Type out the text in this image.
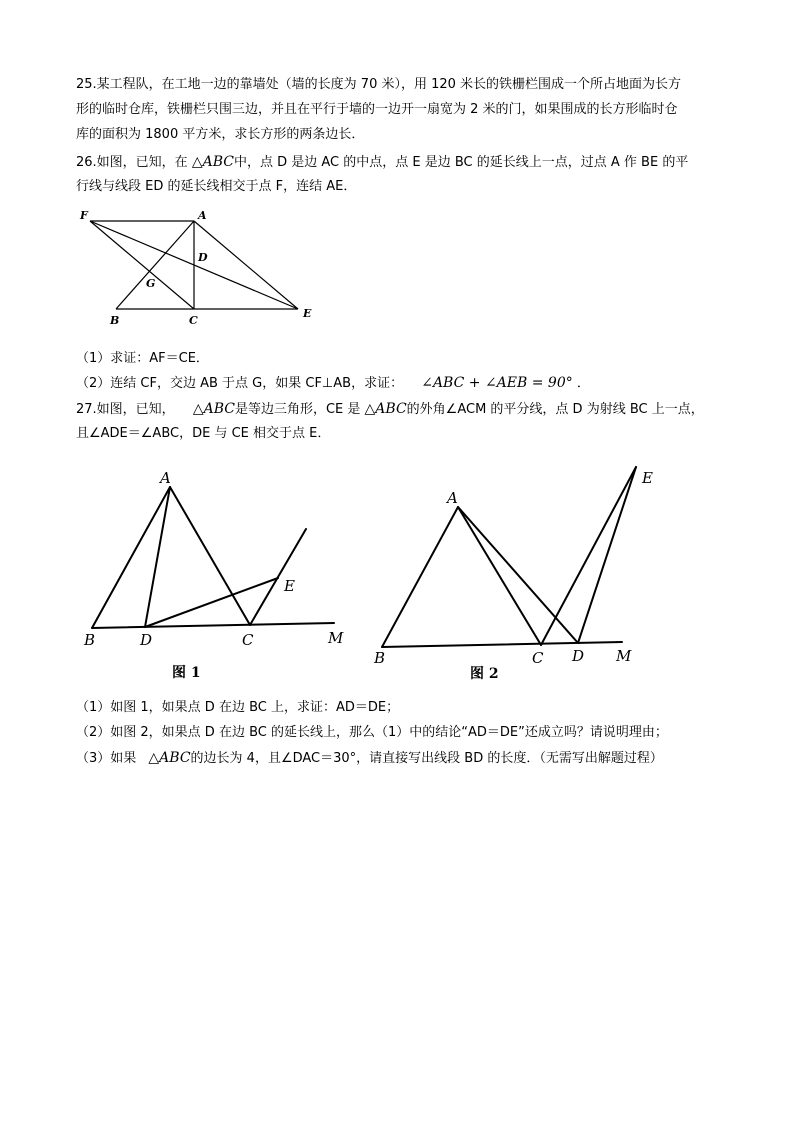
25.某工程队，在工地一边的靠墙处（墙的长度为 70 米），用 120 米长的铁栅栏围成一个所占地面为长方
形的临时仓库，铁栅栏只围三边，并且在平行于墙的一边开一扇宽为 2 米的门，如果围成的长方形临时仓
库的面积为 1800 平方米，求长方形的两条边长．
26.如图，已知，在 △ABC中，点 D 是边 AC 的中点，点 E 是边 BC 的延长线上一点，过点 A 作 BE 的平
行线与线段 ED 的延长线相交于点 F，连结 AE．
F	A
D
G
B	C
E
（1）求证：AF＝CE．
（2）连结 CF，交边 AB 于点 G，如果 CF⊥AB，求证： ∠ABC + ∠AEB = 90° ．
27.如图，已知， △ABC是等边三角形，CE 是 △ABC的外角∠ACM 的平分线，点 D 为射线 BC 上一点，
且∠ADE＝∠ABC，DE 与 CE 相交于点 E．
A
B	D	C
E
M
图 1
A
B	C D
E
M
图 2
（1）如图 1，如果点 D 在边 BC 上，求证：AD＝DE；
（2）如图 2，如果点 D 在边 BC 的延长线上，那么（1）中的结论“AD＝DE”还成立吗？请说明理由；
（3）如果 △ABC的边长为 4，且∠DAC＝30°，请直接写出线段 BD 的长度．（无需写出解题过程）
